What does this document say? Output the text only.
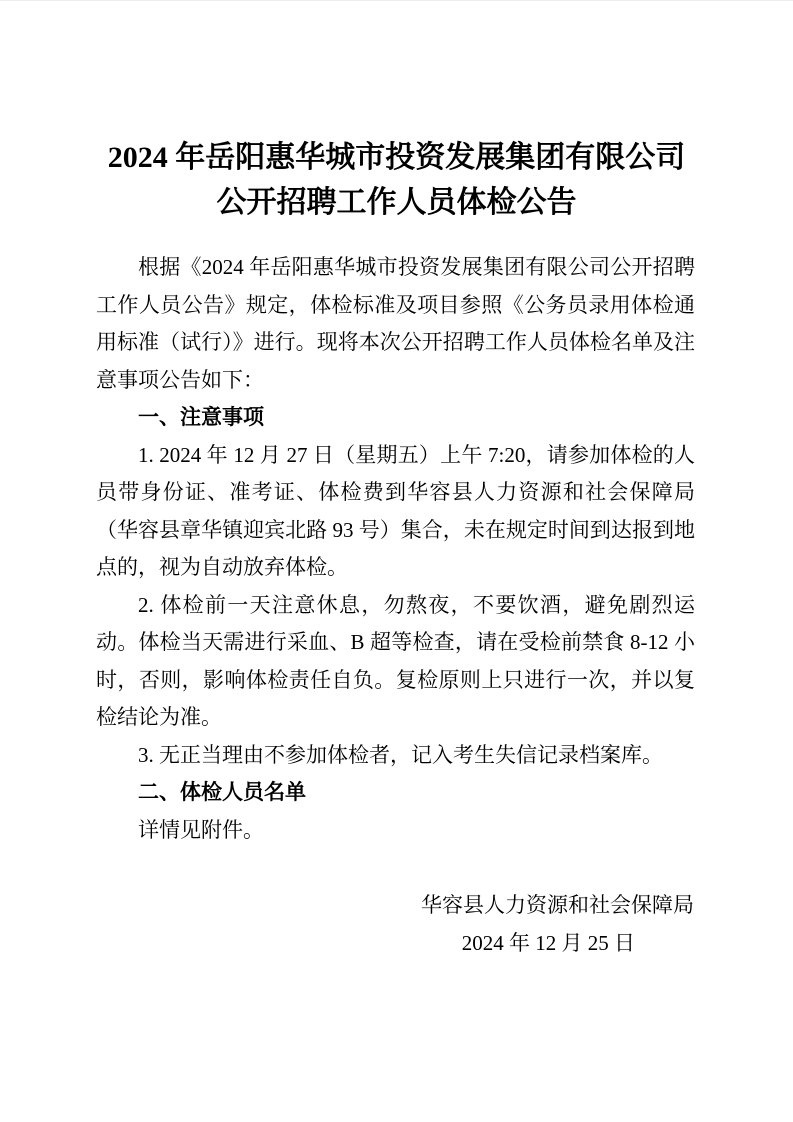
2024 年岳阳惠华城市投资发展集团有限公司
公开招聘工作人员体检公告

根据《2024 年岳阳惠华城市投资发展集团有限公司公开招聘工作人员公告》规定，体检标准及项目参照《公务员录用体检通用标准（试行）》进行。现将本次公开招聘工作人员体检名单及注意事项公告如下：

一、注意事项

1. 2024 年 12 月 27 日（星期五）上午 7:20，请参加体检的人员带身份证、准考证、体检费到华容县人力资源和社会保障局（华容县章华镇迎宾北路 93 号）集合，未在规定时间到达报到地点的，视为自动放弃体检。

2. 体检前一天注意休息，勿熬夜，不要饮酒，避免剧烈运动。体检当天需进行采血、B 超等检查，请在受检前禁食 8-12 小时，否则，影响体检责任自负。复检原则上只进行一次，并以复检结论为准。

3. 无正当理由不参加体检者，记入考生失信记录档案库。

二、体检人员名单

详情见附件。

华容县人力资源和社会保障局

2024 年 12 月 25 日
